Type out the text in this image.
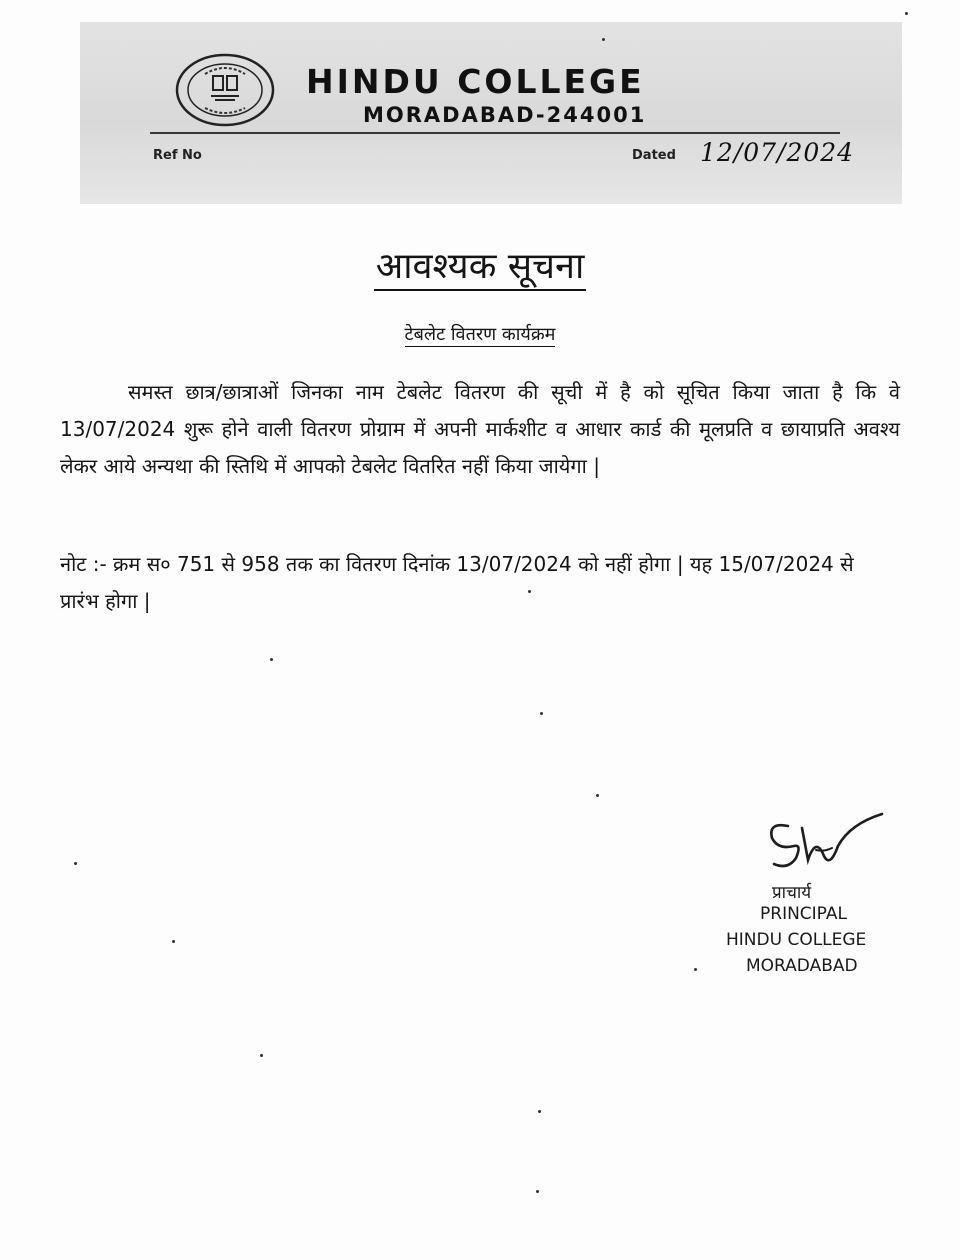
HINDU COLLEGE
MORADABAD-244001
Ref No	Dated 12/07/2024
आवश्यक सूचना
टेबलेट वितरण कार्यक्रम

समस्त छात्र/छात्राओं जिनका नाम टेबलेट वितरण की सूची में है को सूचित किया जाता है कि वे 13/07/2024 शुरू होने वाली वितरण प्रोग्राम में अपनी मार्कशीट व आधार कार्ड की मूलप्रति व छायाप्रति अवश्य लेकर आये अन्यथा की स्तिथि में आपको टेबलेट वितरित नहीं किया जायेगा |

नोट :- क्रम स० 751 से 958 तक का वितरण दिनांक 13/07/2024 को नहीं होगा | यह 15/07/2024 से प्रारंभ होगा |

प्राचार्य
PRINCIPAL
HINDU COLLEGE
MORADABAD
